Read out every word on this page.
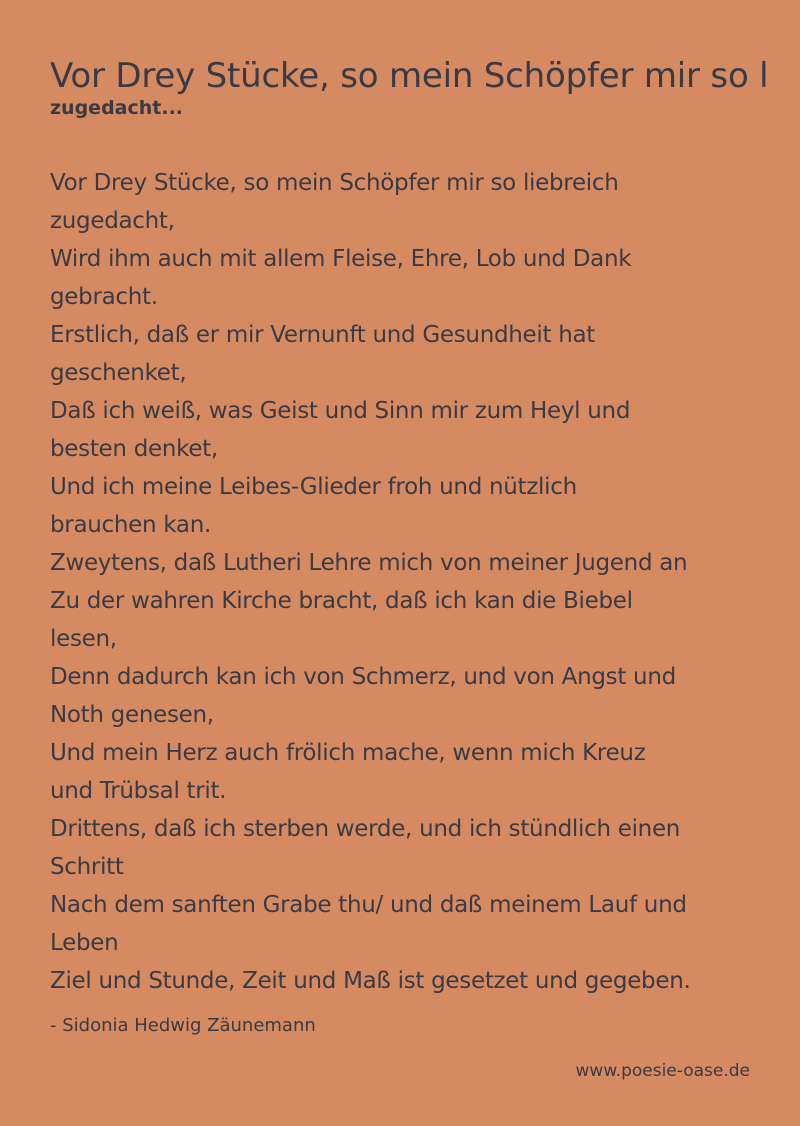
Vor Drey Stücke, so mein Schöpfer mir so l
zugedacht...
Vor Drey Stücke, so mein Schöpfer mir so liebreich
zugedacht,
Wird ihm auch mit allem Fleise, Ehre, Lob und Dank
gebracht.
Erstlich, daß er mir Vernunft und Gesundheit hat
geschenket,
Daß ich weiß, was Geist und Sinn mir zum Heyl und
besten denket,
Und ich meine Leibes-Glieder froh und nützlich
brauchen kan.
Zweytens, daß Lutheri Lehre mich von meiner Jugend an
Zu der wahren Kirche bracht, daß ich kan die Biebel
lesen,
Denn dadurch kan ich von Schmerz, und von Angst und
Noth genesen,
Und mein Herz auch frölich mache, wenn mich Kreuz
und Trübsal trit.
Drittens, daß ich sterben werde, und ich stündlich einen
Schritt
Nach dem sanften Grabe thu/ und daß meinem Lauf und
Leben
Ziel und Stunde, Zeit und Maß ist gesetzet und gegeben.
- Sidonia Hedwig Zäunemann
www.poesie-oase.de
